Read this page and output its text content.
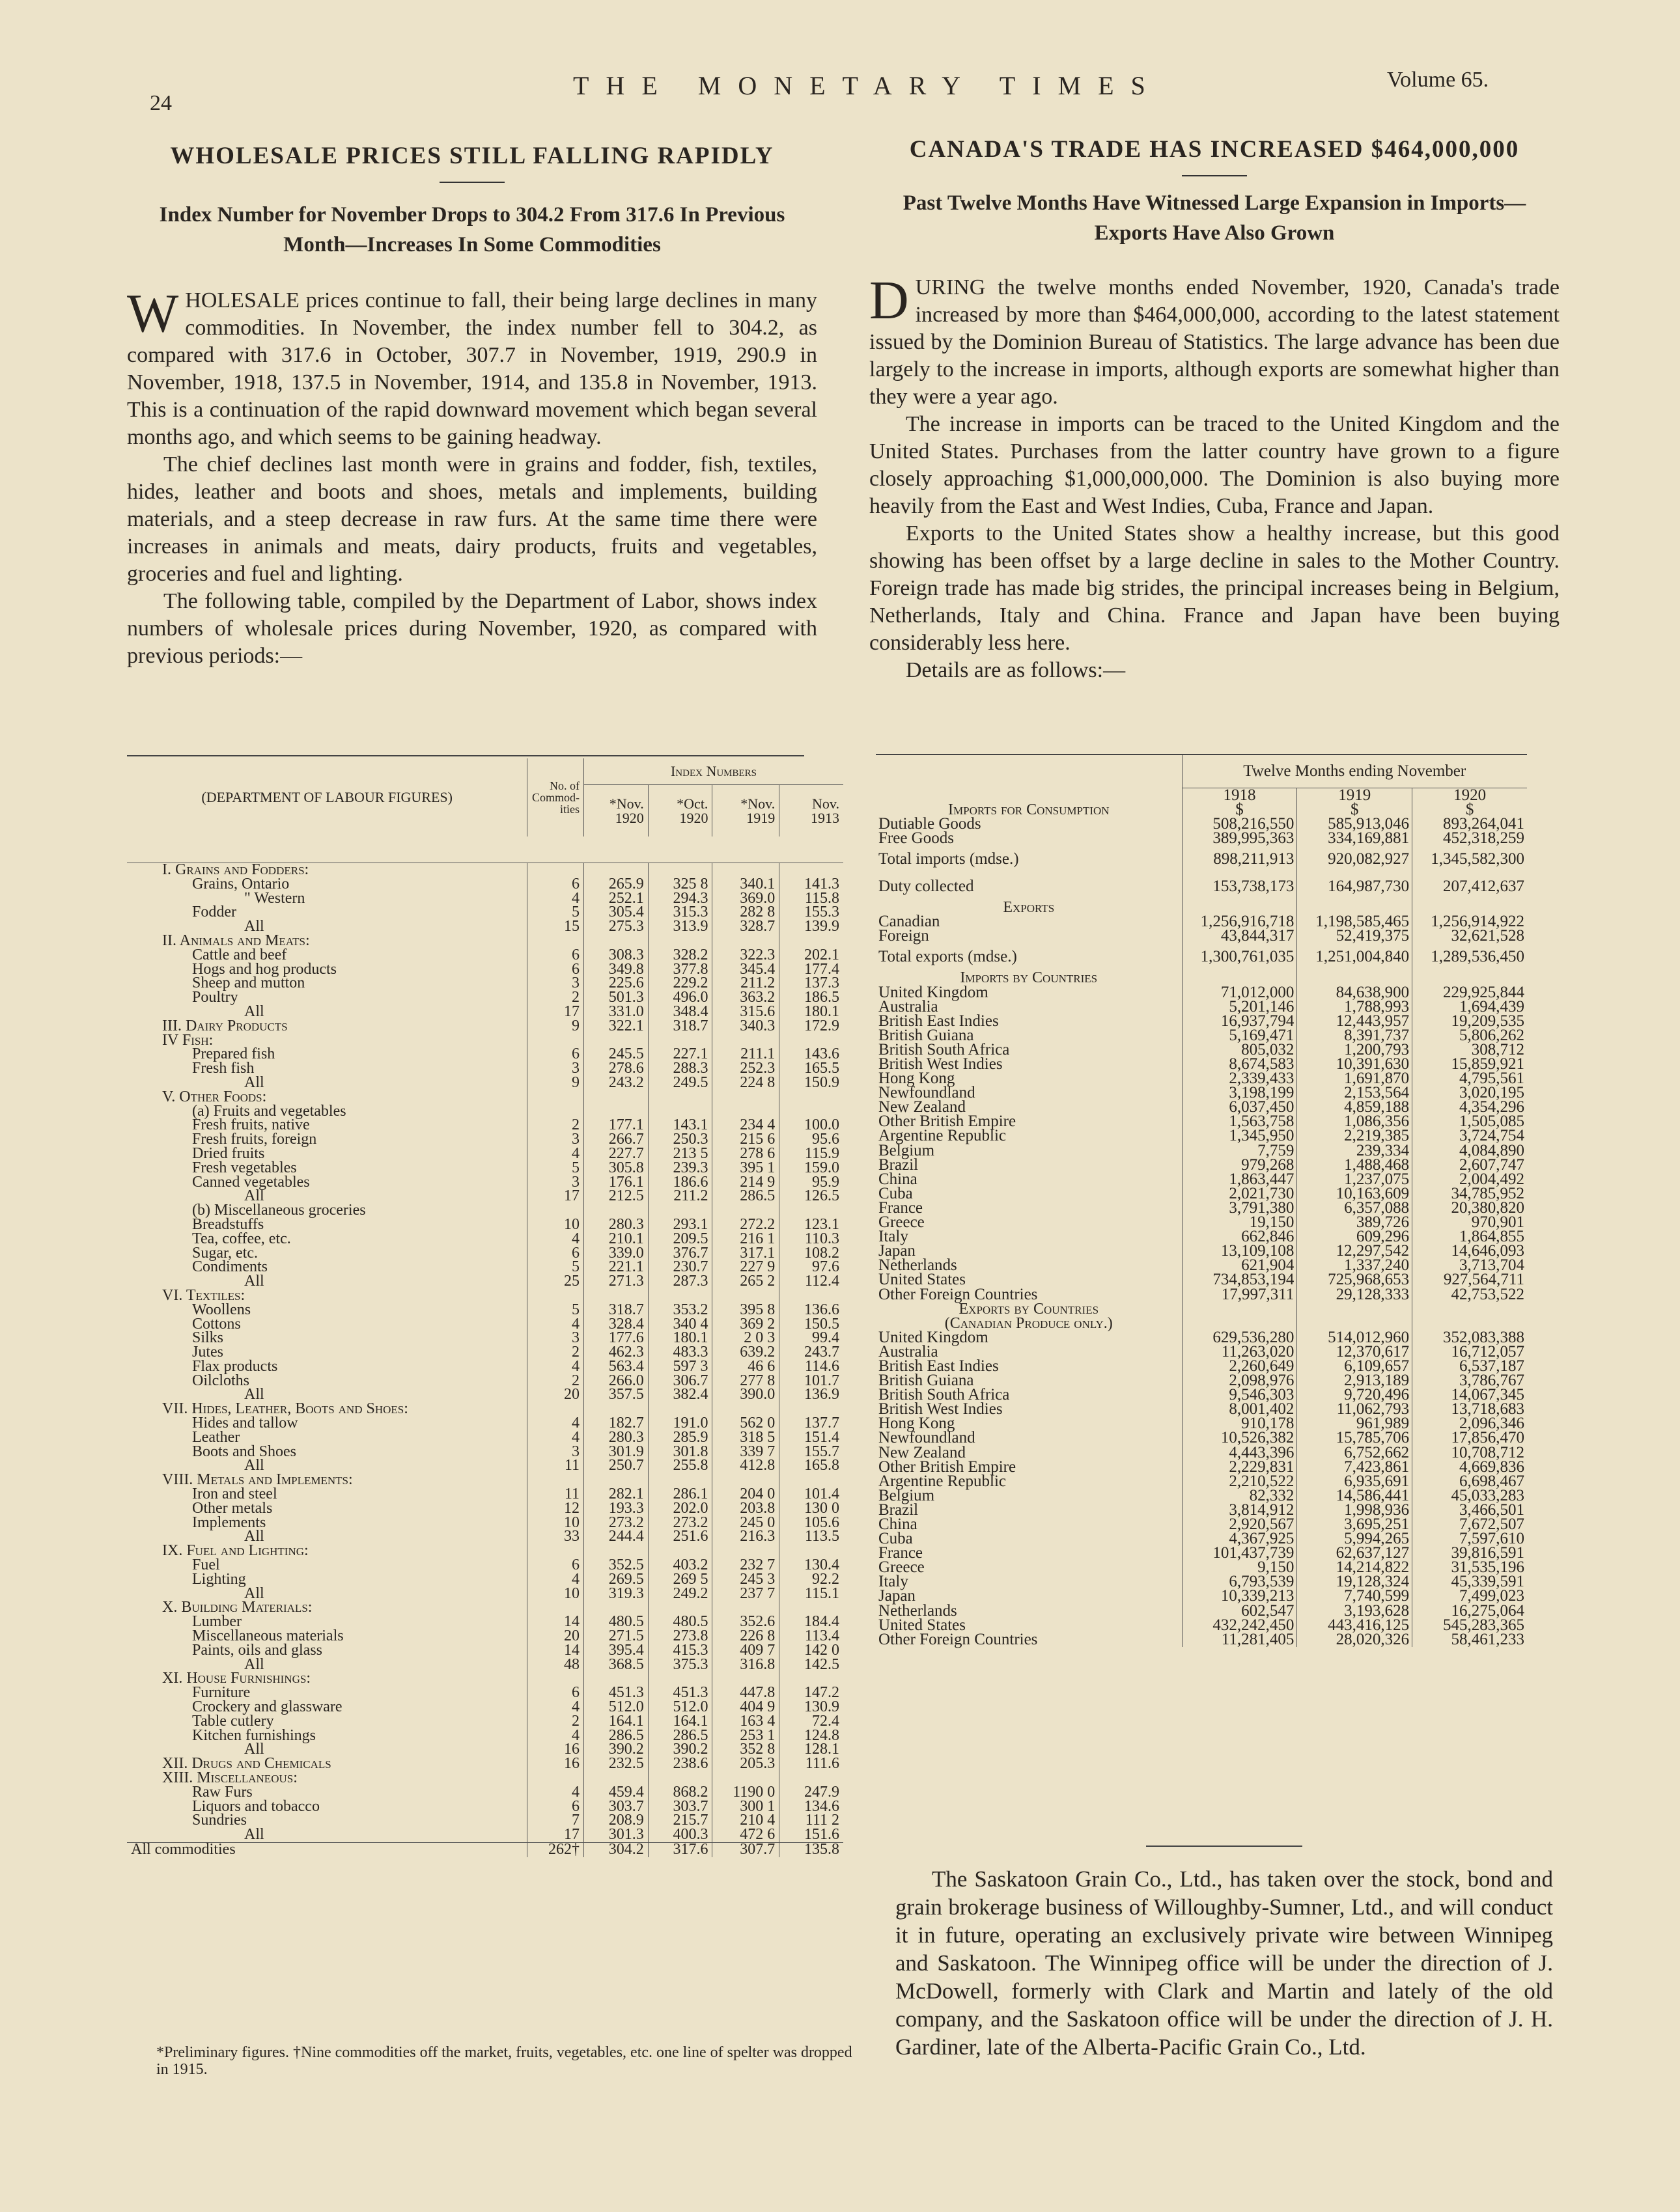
24
THE MONETARY TIMES	Volume 65.
WHOLESALE PRICES STILL FALLING RAPIDLY
Index Number for November Drops to 304.2 From 317.6 In Previous Month—Increases In Some Commodities

WHOLESALE prices continue to fall, their being large declines in many commodities. In November, the index number fell to 304.2, as compared with 317.6 in October, 307.7 in November, 1919, 290.9 in November, 1918, 137.5 in November, 1914, and 135.8 in November, 1913. This is a continuation of the rapid downward movement which began several months ago, and which seems to be gaining headway.

The chief declines last month were in grains and fodder, fish, textiles, hides, leather and boots and shoes, metals and implements, building materials, and a steep decrease in raw furs. At the same time there were increases in animals and meats, dairy products, fruits and vegetables, groceries and fuel and lighting.

The following table, compiled by the Department of Labor, shows index numbers of wholesale prices during November, 1920, as compared with previous periods:—

(DEPARTMENT OF LABOUR FIGURES)	No. of Commod-ities	Index Numbers			
		*Nov. 1920	*Oct. 1920	*Nov. 1919	Nov. 1913

I. Grains and Fodders:					
Grains, Ontario	6	265.9	325 8	340.1	141.3
" Western	4	252.1	294.3	369.0	115.8
Fodder	5	305.4	315.3	282 8	155.3
All	15	275.3	313.9	328.7	139.9
II. Animals and Meats:					
Cattle and beef	6	308.3	328.2	322.3	202.1
Hogs and hog products	6	349.8	377.8	345.4	177.4
Sheep and mutton	3	225.6	229.2	211.2	137.3
Poultry	2	501.3	496.0	363.2	186.5
All	17	331.0	348.4	315.6	180.1
III. Dairy Products	9	322.1	318.7	340.3	172.9
IV Fish:					
Prepared fish	6	245.5	227.1	211.1	143.6
Fresh fish	3	278.6	288.3	252.3	165.5
All	9	243.2	249.5	224 8	150.9
V. Other Foods:					
(a) Fruits and vegetables					
Fresh fruits, native	2	177.1	143.1	234 4	100.0
Fresh fruits, foreign	3	266.7	250.3	215 6	95.6
Dried fruits	4	227.7	213 5	278 6	115.9
Fresh vegetables	5	305.8	239.3	395 1	159.0
Canned vegetables	3	176.1	186.6	214 9	95.9
All	17	212.5	211.2	286.5	126.5
(b) Miscellaneous groceries					
Breadstuffs	10	280.3	293.1	272.2	123.1
Tea, coffee, etc.	4	210.1	209.5	216 1	110.3
Sugar, etc.	6	339.0	376.7	317.1	108.2
Condiments	5	221.1	230.7	227 9	97.6
All	25	271.3	287.3	265 2	112.4
VI. Textiles:					
Woollens	5	318.7	353.2	395 8	136.6
Cottons	4	328.4	340 4	369 2	150.5
Silks	3	177.6	180.1	2 0 3	99.4
Jutes	2	462.3	483.3	639.2	243.7
Flax products	4	563.4	597 3	46 6	114.6
Oilcloths	2	266.0	306.7	277 8	101.7
All	20	357.5	382.4	390.0	136.9
VII. Hides, Leather, Boots and Shoes:					
Hides and tallow	4	182.7	191.0	562 0	137.7
Leather	4	280.3	285.9	318 5	151.4
Boots and Shoes	3	301.9	301.8	339 7	155.7
All	11	250.7	255.8	412.8	165.8
VIII. Metals and Implements:					
Iron and steel	11	282.1	286.1	204 0	101.4
Other metals	12	193.3	202.0	203.8	130 0
Implements	10	273.2	273.2	245 0	105.6
All	33	244.4	251.6	216.3	113.5
IX. Fuel and Lighting:					
Fuel	6	352.5	403.2	232 7	130.4
Lighting	4	269.5	269 5	245 3	92.2
All	10	319.3	249.2	237 7	115.1
X. Building Materials:					
Lumber	14	480.5	480.5	352.6	184.4
Miscellaneous materials	20	271.5	273.8	226 8	113.4
Paints, oils and glass	14	395.4	415.3	409 7	142 0
All	48	368.5	375.3	316.8	142.5
XI. House Furnishings:					
Furniture	6	451.3	451.3	447.8	147.2
Crockery and glassware	4	512.0	512.0	404 9	130.9
Table cutlery	2	164.1	164.1	163 4	72.4
Kitchen furnishings	4	286.5	286.5	253 1	124.8
All	16	390.2	390.2	352 8	128.1

XII. Drugs and Chemicals	16	232.5	238.6	205.3	111.6
XIII. Miscellaneous:					
Raw Furs	4	459.4	868.2	1190 0	247.9
Liquors and tobacco	6	303.7	303.7	300 1	134.6
Sundries	7	208.9	215.7	210 4	111 2
All	17	301.3	400.3	472 6	151.6

All commodities	262†	304.2	317.6	307.7	135.8
*Preliminary figures. †Nine commodities off the market, fruits, vegetables, etc. one line of spelter was dropped in 1915.
CANADA'S TRADE HAS INCREASED $464,000,000
Past Twelve Months Have Witnessed Large Expansion in Imports—Exports Have Also Grown

DURING the twelve months ended November, 1920, Canada's trade increased by more than $464,000,000, according to the latest statement issued by the Dominion Bureau of Statistics. The large advance has been due largely to the increase in imports, although exports are somewhat higher than they were a year ago.

The increase in imports can be traced to the United Kingdom and the United States. Purchases from the latter country have grown to a figure closely approaching $1,000,000,000. The Dominion is also buying more heavily from the East and West Indies, Cuba, France and Japan.

Exports to the United States show a healthy increase, but this good showing has been offset by a large decline in sales to the Mother Country. Foreign trade has made big strides, the principal increases being in Belgium, Netherlands, Italy and China. France and Japan have been buying considerably less here.

Details are as follows:—

	Twelve Months ending November		
	1918	1919	1920
Imports for Consumption	$	$	$
Dutiable Goods	508,216,550	585,913,046	893,264,041
Free Goods	389,995,363	334,169,881	452,318,259
Total imports (mdse.)	898,211,913	920,082,927	1,345,582,300
Duty collected	153,738,173	164,987,730	207,412,637
Exports			
Canadian	1,256,916,718	1,198,585,465	1,256,914,922
Foreign	43,844,317	52,419,375	32,621,528
Total exports (mdse.)	1,300,761,035	1,251,004,840	1,289,536,450
Imports by Countries			
United Kingdom	71,012,000	84,638,900	229,925,844
Australia	5,201,146	1,788,993	1,694,439
British East Indies	16,937,794	12,443,957	19,209,535
British Guiana	5,169,471	8,391,737	5,806,262
British South Africa	805,032	1,200,793	308,712
British West Indies	8,674,583	10,391,630	15,859,921
Hong Kong	2,339,433	1,691,870	4,795,561
Newfoundland	3,198,199	2,153,564	3,020,195
New Zealand	6,037,450	4,859,188	4,354,296
Other British Empire	1,563,758	1,086,356	1,505,085
Argentine Republic	1,345,950	2,219,385	3,724,754
Belgium	7,759	239,334	4,084,890
Brazil	979,268	1,488,468	2,607,747
China	1,863,447	1,237,075	2,004,492
Cuba	2,021,730	10,163,609	34,785,952
France	3,791,380	6,357,088	20,380,820
Greece	19,150	389,726	970,901
Italy	662,846	609,296	1,864,855
Japan	13,109,108	12,297,542	14,646,093
Netherlands	621,904	1,337,240	3,713,704
United States	734,853,194	725,968,653	927,564,711
Other Foreign Countries	17,997,311	29,128,333	42,753,522
Exports by Countries			
(Canadian Produce only.)			
United Kingdom	629,536,280	514,012,960	352,083,388
Australia	11,263,020	12,370,617	16,712,057
British East Indies	2,260,649	6,109,657	6,537,187
British Guiana	2,098,976	2,913,189	3,786,767
British South Africa	9,546,303	9,720,496	14,067,345
British West Indies	8,001,402	11,062,793	13,718,683
Hong Kong	910,178	961,989	2,096,346
Newfoundland	10,526,382	15,785,706	17,856,470
New Zealand	4,443,396	6,752,662	10,708,712
Other British Empire	2,229,831	7,423,861	4,669,836
Argentine Republic	2,210,522	6,935,691	6,698,467
Belgium	82,332	14,586,441	45,033,283
Brazil	3,814,912	1,998,936	3,466,501
China	2,920,567	3,695,251	7,672,507
Cuba	4,367,925	5,994,265	7,597,610
France	101,437,739	62,637,127	39,816,591
Greece	9,150	14,214,822	31,535,196
Italy	6,793,539	19,128,324	45,339,591
Japan	10,339,213	7,740,599	7,499,023
Netherlands	602,547	3,193,628	16,275,064
United States	432,242,450	443,416,125	545,283,365
Other Foreign Countries	11,281,405	28,020,326	58,461,233

The Saskatoon Grain Co., Ltd., has taken over the stock, bond and grain brokerage business of Willoughby-Sumner, Ltd., and will conduct it in future, operating an exclusively private wire between Winnipeg and Saskatoon. The Winnipeg office will be under the direction of J. McDowell, formerly with Clark and Martin and lately of the old company, and the Saskatoon office will be under the direction of J. H. Gardiner, late of the Alberta-Pacific Grain Co., Ltd.
